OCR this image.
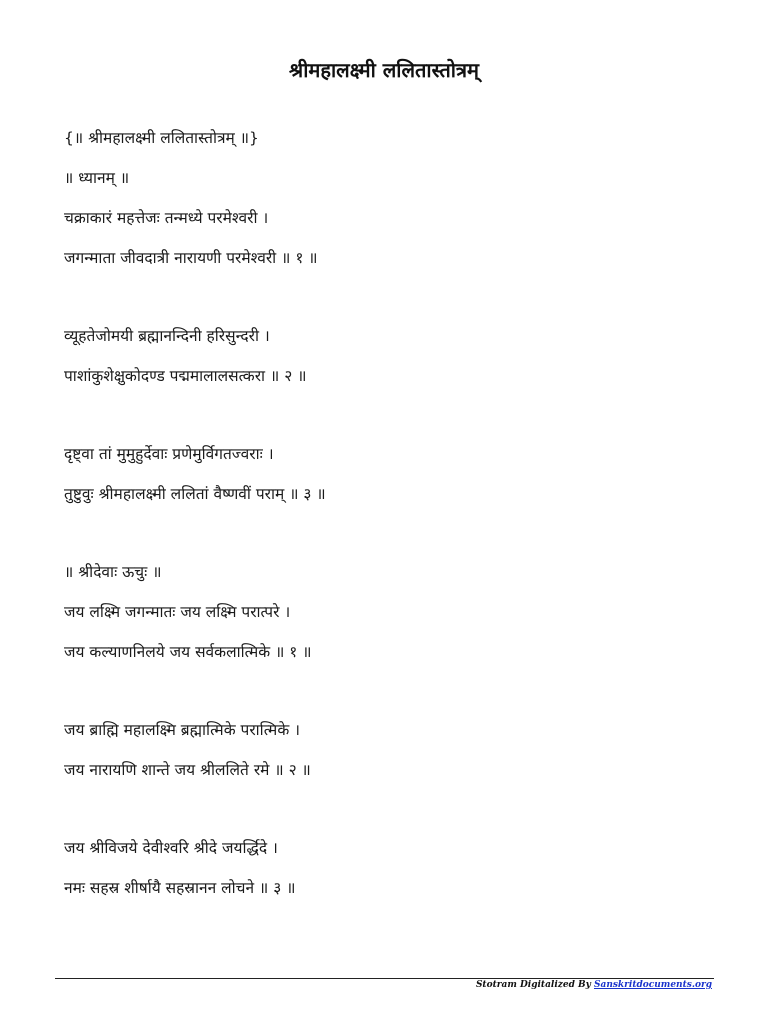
श्रीमहालक्ष्मी ललितास्तोत्रम्
{॥ श्रीमहालक्ष्मी ललितास्तोत्रम् ॥}
॥ ध्यानम् ॥
चक्राकारं महत्तेजः तन्मध्ये परमेश्वरी ।
जगन्माता जीवदात्री नारायणी परमेश्वरी ॥ १ ॥
व्यूहतेजोमयी ब्रह्मानन्दिनी हरिसुन्दरी ।
पाशांकुशेक्षुकोदण्ड पद्ममालालसत्करा ॥ २ ॥
दृष्ट्वा तां मुमुहुर्देवाः प्रणेमुर्विगतज्वराः ।
तुष्टुवुः श्रीमहालक्ष्मी ललितां वैष्णवीं पराम् ॥ ३ ॥
॥ श्रीदेवाः ऊचुः ॥
जय लक्ष्मि जगन्मातः जय लक्ष्मि परात्परे ।
जय कल्याणनिलये जय सर्वकलात्मिके ॥ १ ॥
जय ब्राह्मि महालक्ष्मि ब्रह्मात्मिके परात्मिके ।
जय नारायणि शान्ते जय श्रीललिते रमे ॥ २ ॥
जय श्रीविजये देवीश्वरि श्रीदे जयर्द्धिदे ।
नमः सहस्र शीर्षायै सहस्रानन लोचने ॥ ३ ॥
Stotram Digitalized By Sanskritdocuments.org
